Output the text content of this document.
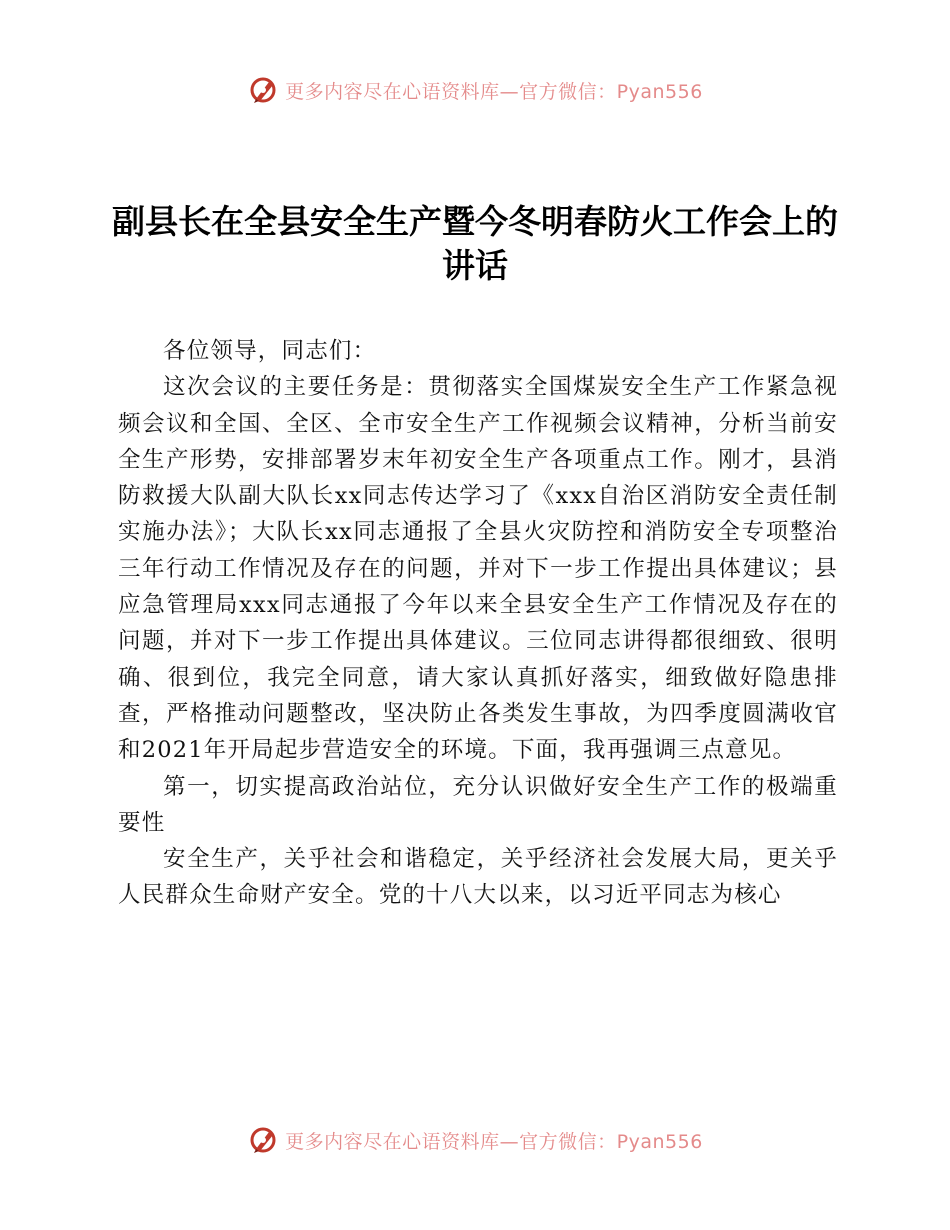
更多内容尽在心语资料库—官方微信：Pyan556
副县长在全县安全生产暨今冬明春防火工作会上的讲话

各位领导，同志们：

这次会议的主要任务是：贯彻落实全国煤炭安全生产工作紧急视频会议和全国、全区、全市安全生产工作视频会议精神，分析当前安全生产形势，安排部署岁末年初安全生产各项重点工作。刚才，县消防救援大队副大队长xx同志传达学习了《xxx自治区消防安全责任制实施办法》；大队长xx同志通报了全县火灾防控和消防安全专项整治三年行动工作情况及存在的问题，并对下一步工作提出具体建议；县应急管理局xxx同志通报了今年以来全县安全生产工作情况及存在的问题，并对下一步工作提出具体建议。三位同志讲得都很细致、很明确、很到位，我完全同意，请大家认真抓好落实，细致做好隐患排查，严格推动问题整改，坚决防止各类发生事故，为四季度圆满收官和2021年开局起步营造安全的环境。下面，我再强调三点意见。

第一，切实提高政治站位，充分认识做好安全生产工作的极端重要性

安全生产，关乎社会和谐稳定，关乎经济社会发展大局，更关乎人民群众生命财产安全。党的十八大以来，以习近平同志为核心

更多内容尽在心语资料库—官方微信：Pyan556
